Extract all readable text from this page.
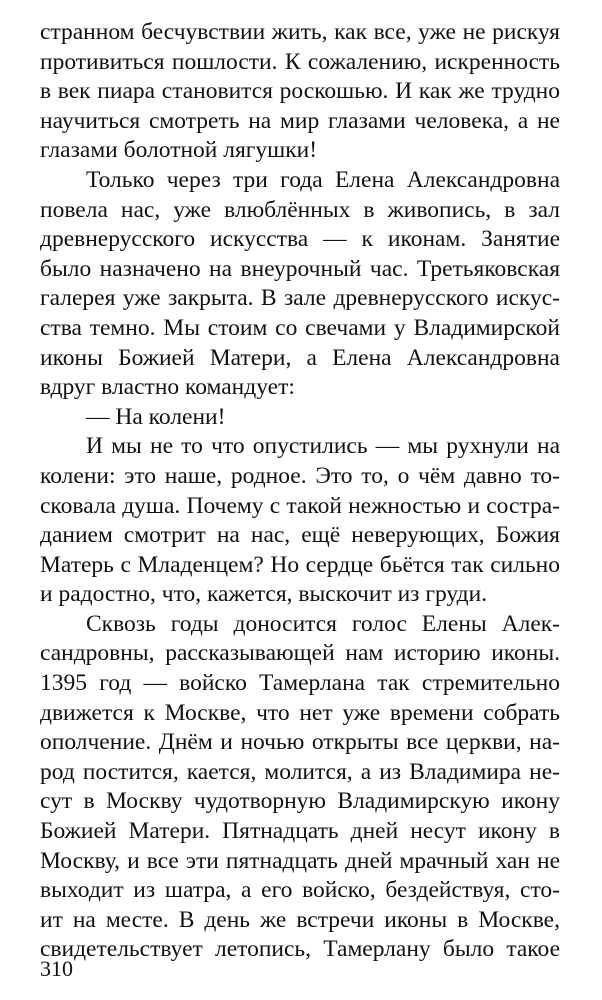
странном бесчувствии жить, как все, уже не рискуя
противиться пошлости. К сожалению, искренность
в век пиара становится роскошью. И как же трудно
научиться смотреть на мир глазами человека, а не
глазами болотной лягушки!
Только через три года Елена Александровна
повела нас, уже влюблённых в живопись, в зал
древнерусского искусства — к иконам. Занятие
было назначено на внеурочный час. Третьяковская
галерея уже закрыта. В зале древнерусского искус-
ства темно. Мы стоим со свечами у Владимирской
иконы Божией Матери, а Елена Александровна
вдруг властно командует:
— На колени!
И мы не то что опустились — мы рухнули на
колени: это наше, родное. Это то, о чём давно то-
сковала душа. Почему с такой нежностью и состра-
данием смотрит на нас, ещё неверующих, Божия
Матерь с Младенцем? Но сердце бьётся так сильно
и радостно, что, кажется, выскочит из груди.
Сквозь годы доносится голос Елены Алек-
сандровны, рассказывающей нам историю иконы.
1395 год — войско Тамерлана так стремительно
движется к Москве, что нет уже времени собрать
ополчение. Днём и ночью открыты все церкви, на-
род постится, кается, молится, а из Владимира не-
сут в Москву чудотворную Владимирскую икону
Божией Матери. Пятнадцать дней несут икону в
Москву, и все эти пятнадцать дней мрачный хан не
выходит из шатра, а его войско, бездействуя, сто-
ит на месте. В день же встречи иконы в Москве,
свидетельствует летопись, Тамерлану было такое
310
